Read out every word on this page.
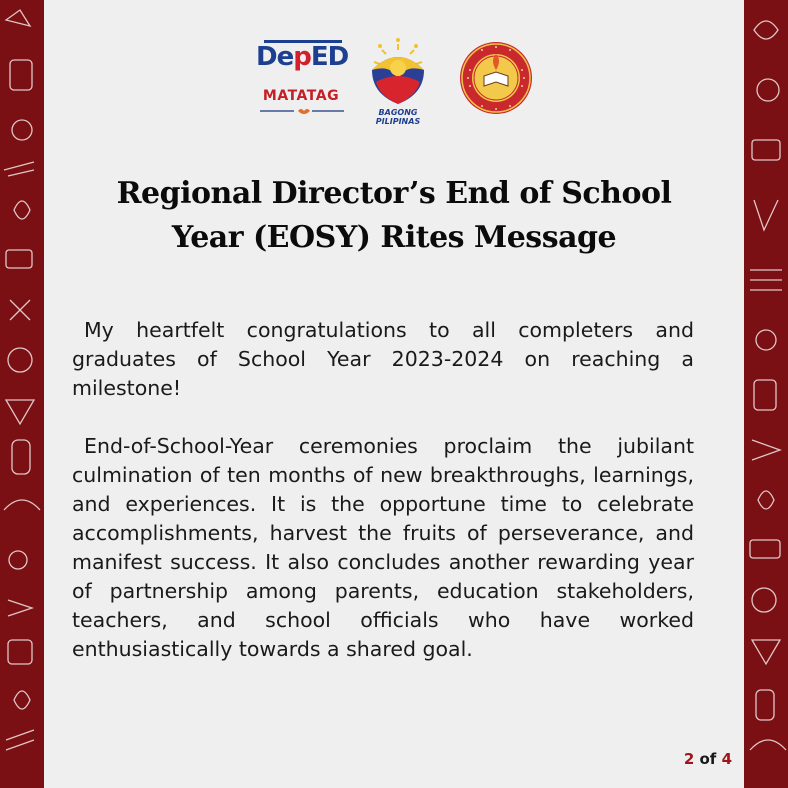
DepED
MATATAG
BAGONG PILIPINAS
Regional Director’s End of School
Year (EOSY) Rites Message

My heartfelt congratulations to all completers and graduates of School Year 2023-2024 on reaching a milestone!

End-of-School-Year ceremonies proclaim the jubilant culmination of ten months of new breakthroughs, learnings, and experiences. It is the opportune time to celebrate accomplishments, harvest the fruits of perseverance, and manifest success. It also concludes another rewarding year of partnership among parents, education stakeholders, teachers, and school officials who have worked enthusiastically towards a shared goal.

2 of 4
